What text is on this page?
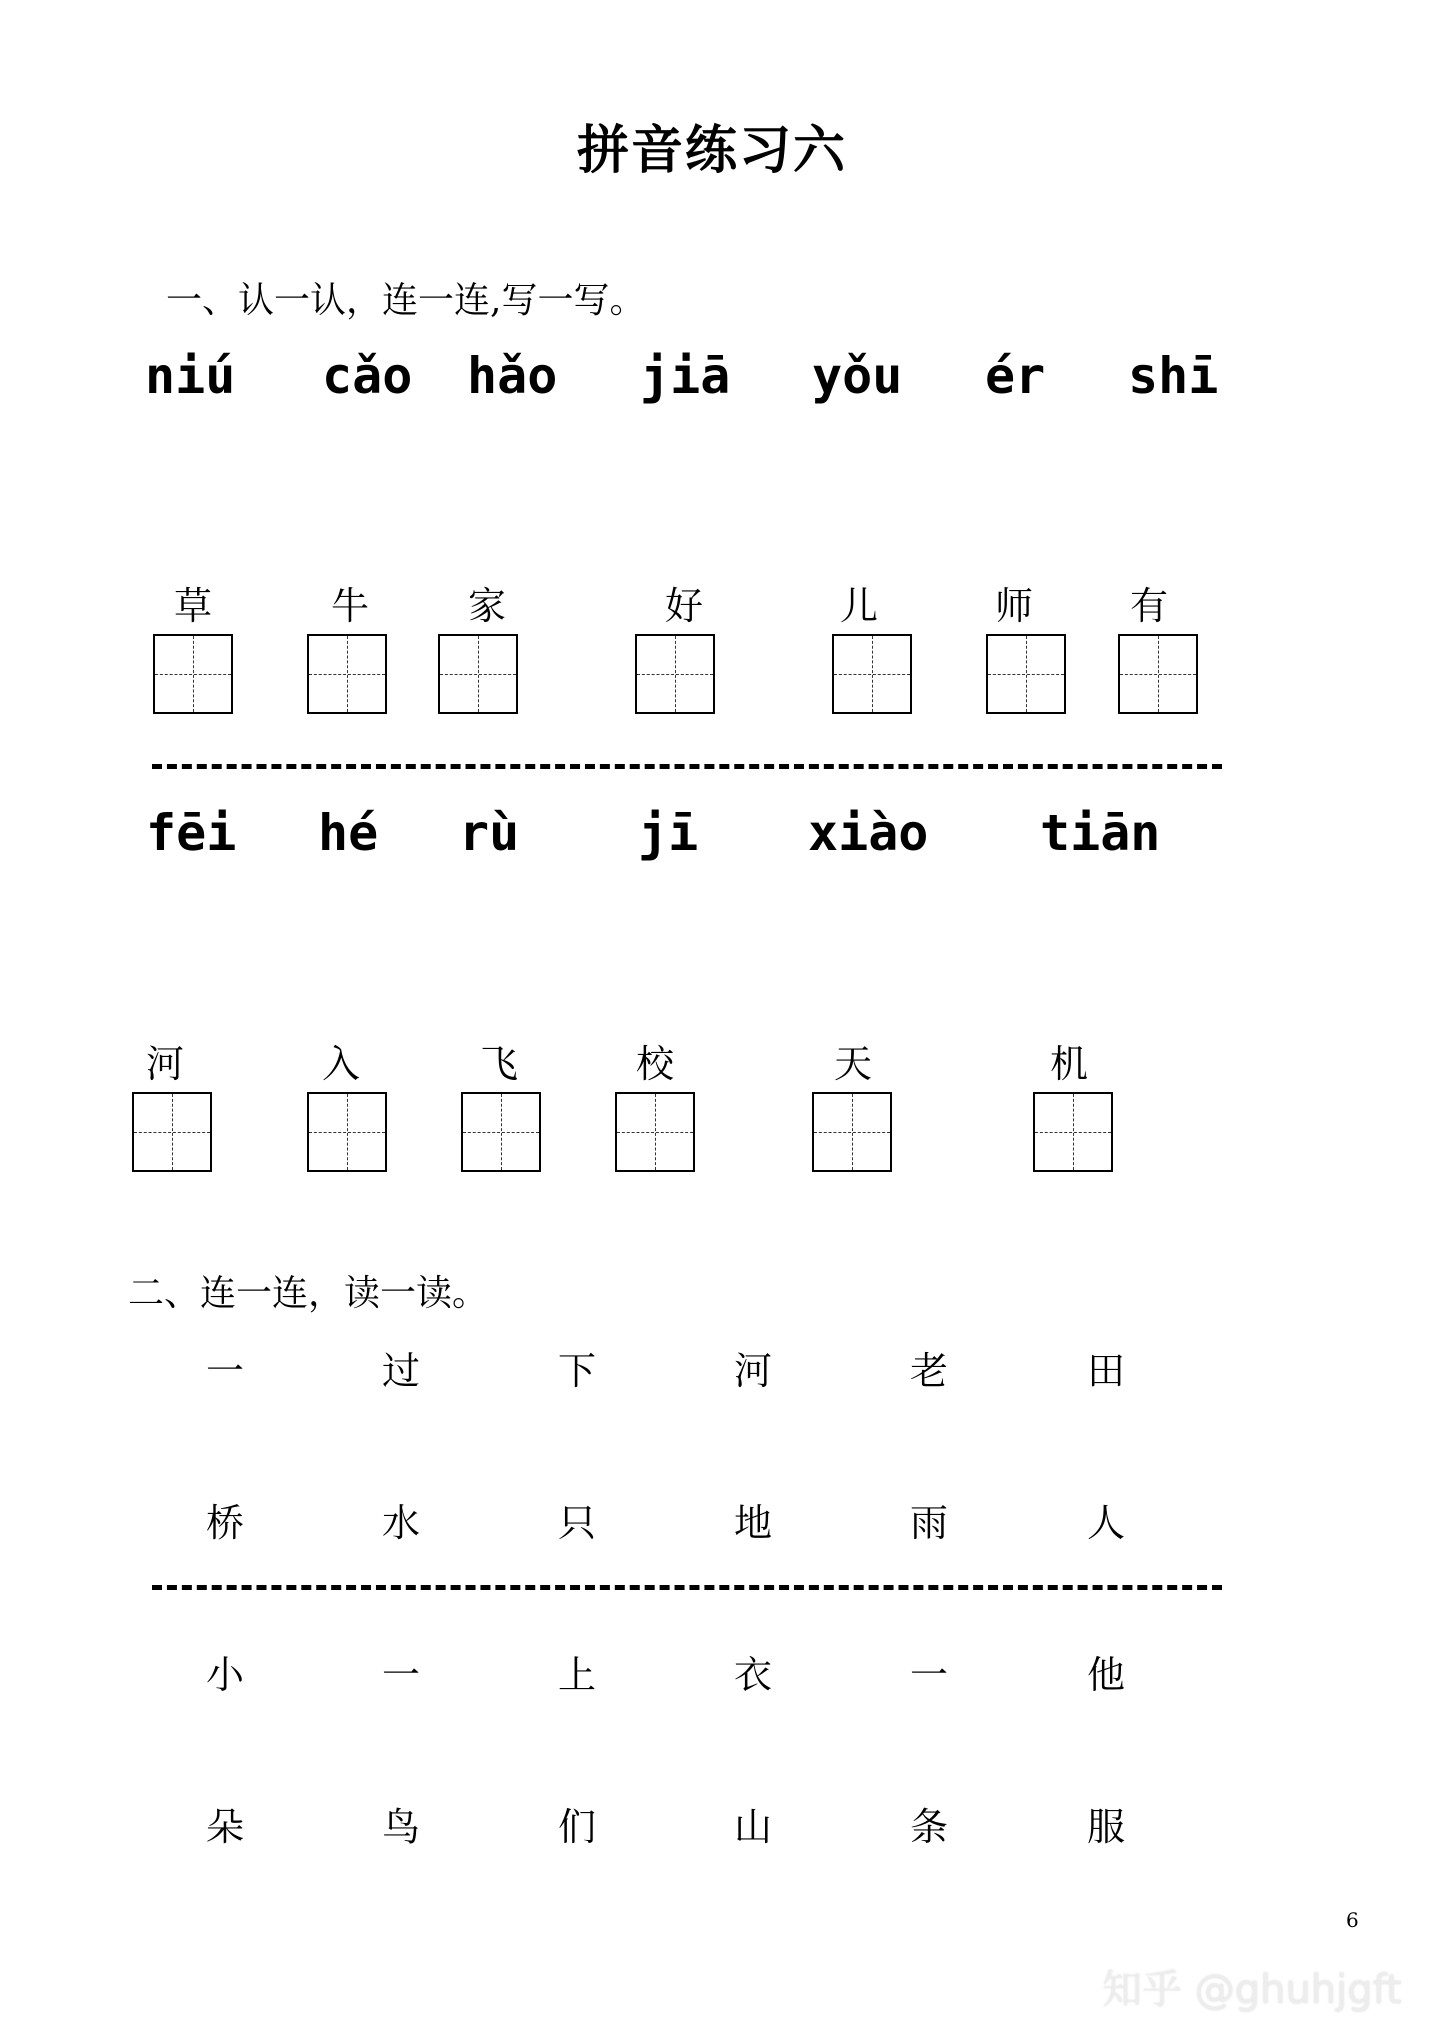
拼音练习六
一、认一认，连一连,写一写。
niú cǎo hǎo jiā yǒu ér shī
草	牛	家	好	儿	师	有
fēi hé rù jī xiào tiān
河	入	飞	校	天	机
二、连一连，读一读。
一	过	下	河	老	田
桥	水	只	地	雨	人
小	一	上	衣	一	他
朵	鸟	们	山	条	服
6
知乎 @ghuhjgft
